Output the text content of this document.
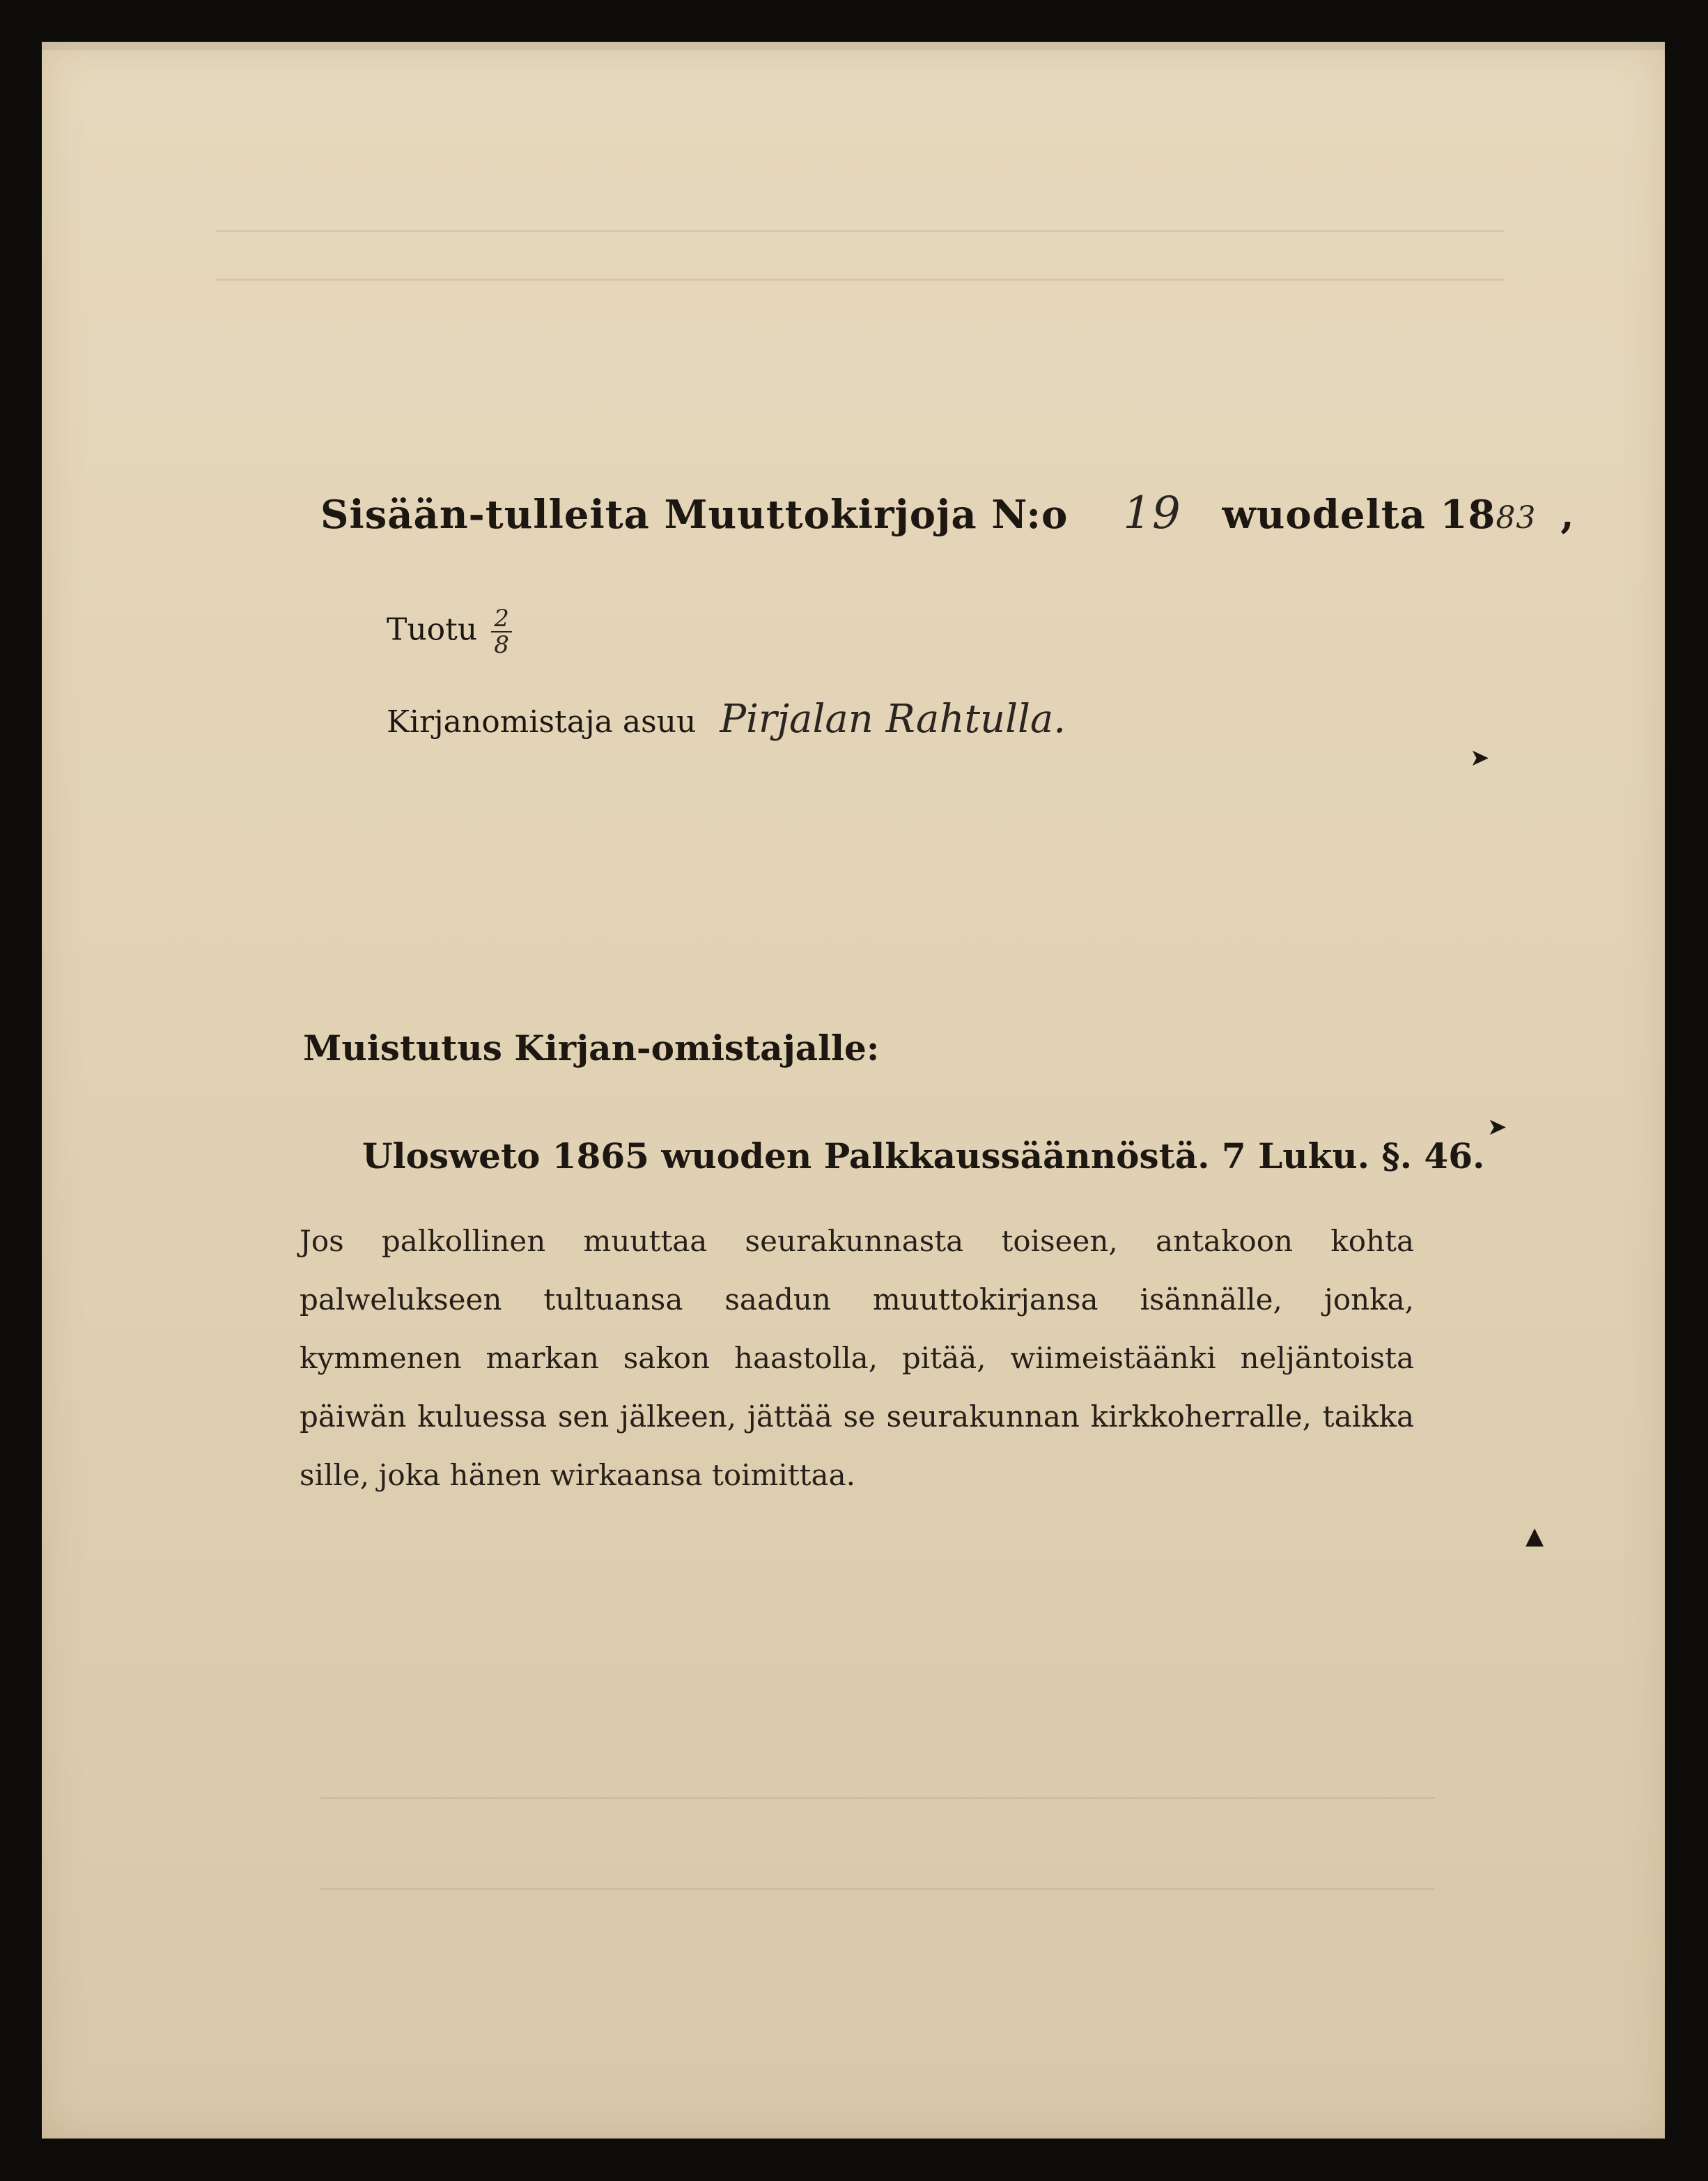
Sisään-tulleita Muuttokirjoja N:o 19 wuodelta 1883 ,
Tuotu $\frac{2}{8}$
Kirjanomistaja asuu Pirjalan Rahtulla.
Muistutus Kirjan-omistajalle:
Ulosweto 1865 wuoden Palkkaussäännöstä. 7 Luku. §. 46.
Jos palkollinen muuttaa seurakunnasta toiseen, antakoon kohta palwelukseen tultuansa saadun muuttokirjansa isännälle, jonka, kymmenen markan sakon haastolla, pitää, wiimeistäänki neljäntoista päiwän kuluessa sen jälkeen, jättää se seurakunnan kirkkoherralle, taikka sille, joka hänen wirkaansa toimittaa.
➤
➤
▲
